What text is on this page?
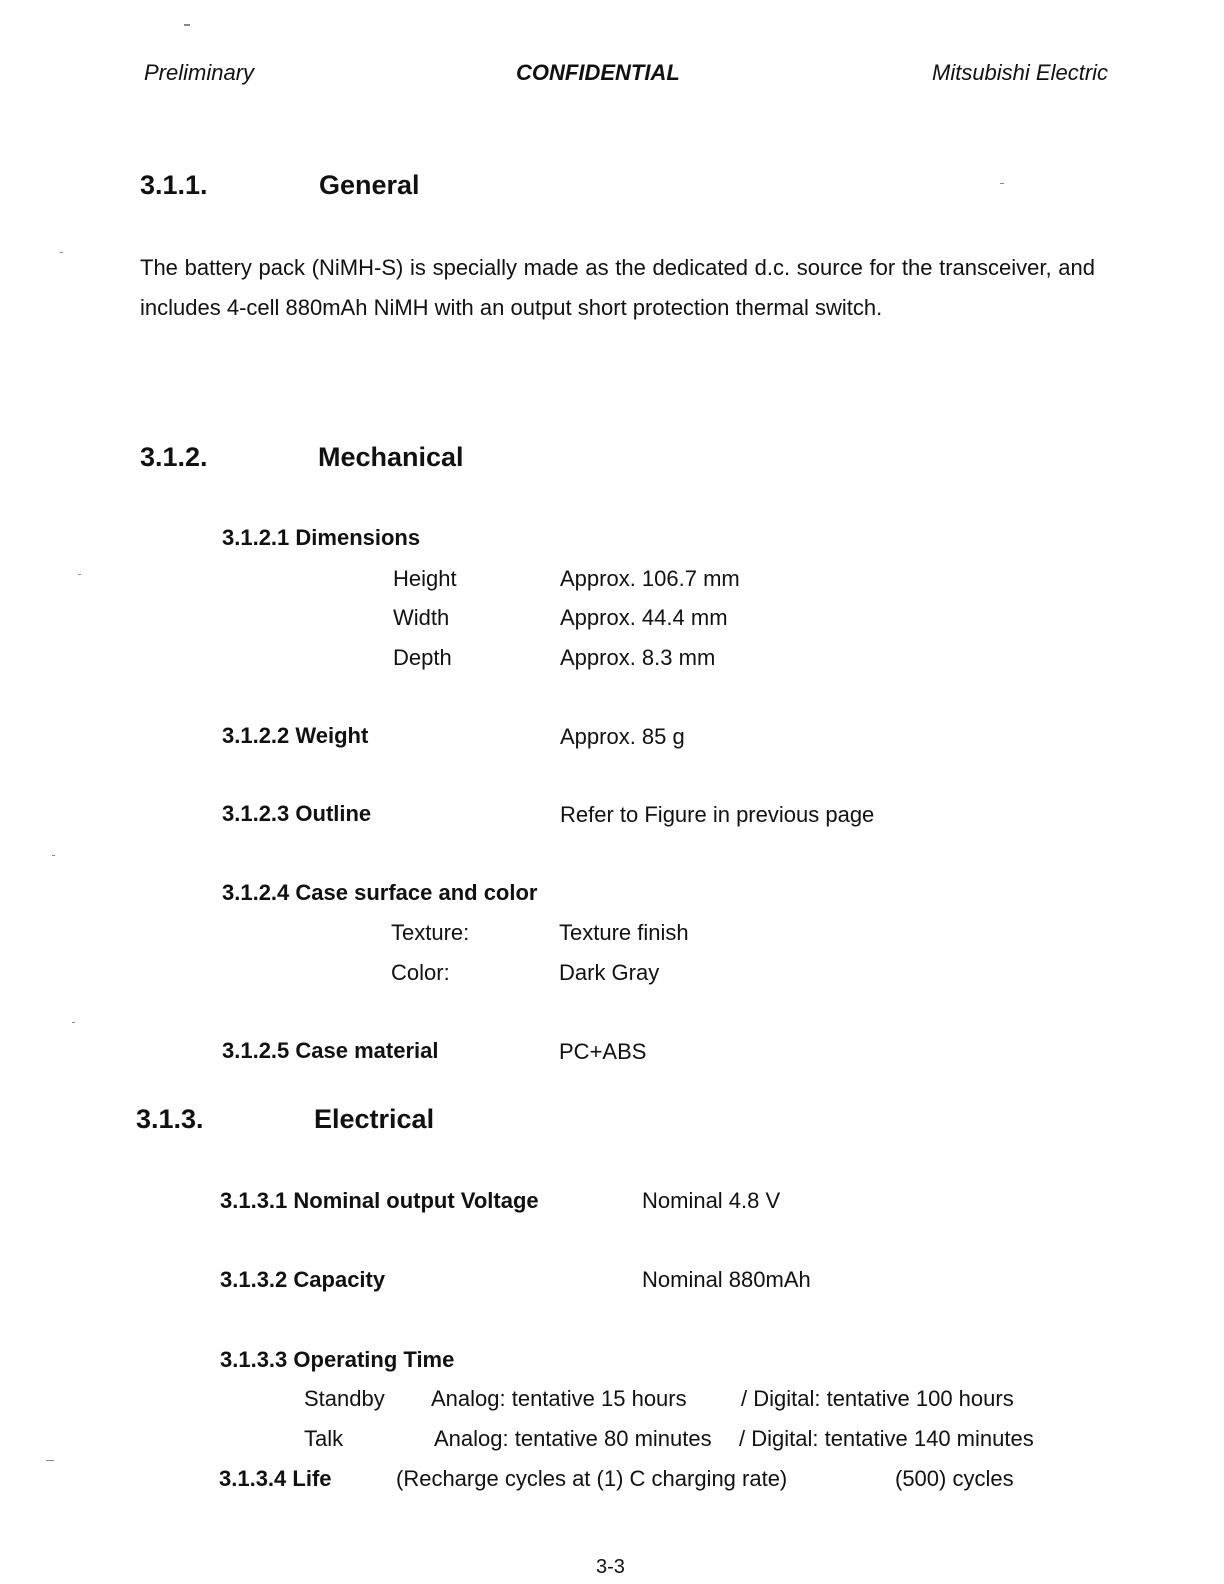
Preliminary	CONFIDENTIAL	Mitsubishi Electric
3.1.1.	General
The battery pack (NiMH-S) is specially made as the dedicated d.c. source for the transceiver, and includes 4-cell 880mAh NiMH with an output short protection thermal switch.
3.1.2.	Mechanical
3.1.2.1 Dimensions
Height	Approx. 106.7 mm
Width	Approx. 44.4 mm
Depth	Approx. 8.3 mm
3.1.2.2 Weight	Approx. 85 g
3.1.2.3 Outline	Refer to Figure in previous page
3.1.2.4 Case surface and color
Texture:	Texture finish
Color:	Dark Gray
3.1.2.5 Case material	PC+ABS
3.1.3.	Electrical
3.1.3.1 Nominal output Voltage	Nominal 4.8 V
3.1.3.2 Capacity	Nominal 880mAh
3.1.3.3 Operating Time
Standby Analog: tentative 15 hours / Digital: tentative 100 hours
Talk	Analog: tentative 80 minutes / Digital: tentative 140 minutes
3.1.3.4 Life	(Recharge cycles at (1) C charging rate)	(500) cycles
3-3
